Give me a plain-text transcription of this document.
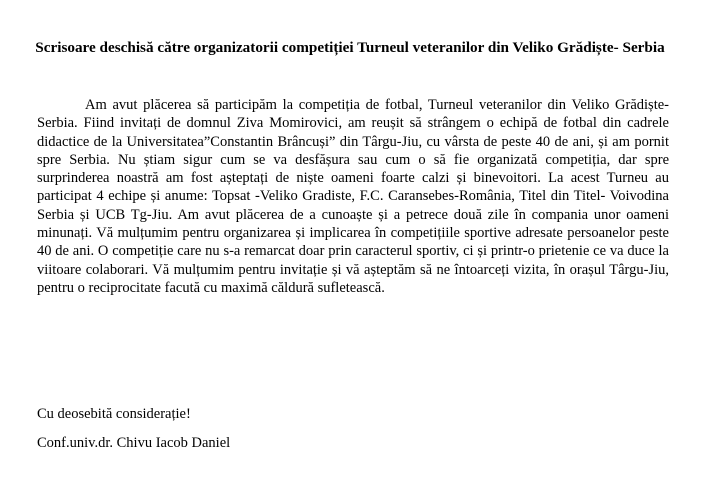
Scrisoare deschisă către organizatorii competiției Turneul veteranilor din Veliko Grădiște- Serbia

Am avut plăcerea să participăm la competiția de fotbal, Turneul veteranilor din Veliko Grădiște- Serbia. Fiind invitați de domnul Ziva Momirovici, am reușit să strângem o echipă de fotbal din cadrele didactice de la Universitatea”Constantin Brâncuși” din Târgu-Jiu, cu vârsta de peste 40 de ani, și am pornit spre Serbia. Nu știam sigur cum se va desfășura sau cum o să fie organizată competiția, dar spre surprinderea noastră am fost așteptați de niște oameni foarte calzi și binevoitori. La acest Turneu au participat 4 echipe și anume: Topsat -Veliko Gradiste, F.C. Caransebes-România, Titel din Titel- Voivodina Serbia și UCB Tg-Jiu. Am avut plăcerea de a cunoaște și a petrece două zile în compania unor oameni minunați. Vă mulțumim pentru organizarea și implicarea în competițiile sportive adresate persoanelor peste 40 de ani. O competiție care nu s-a remarcat doar prin caracterul sportiv, ci și printr-o prietenie ce va duce la viitoare colaborari. Vă mulțumim pentru invitație și vă așteptăm să ne întoarceți vizita, în orașul Târgu-Jiu, pentru o reciprocitate facută cu maximă căldură sufletească.

Cu deosebită considerație!

Conf.univ.dr. Chivu Iacob Daniel
